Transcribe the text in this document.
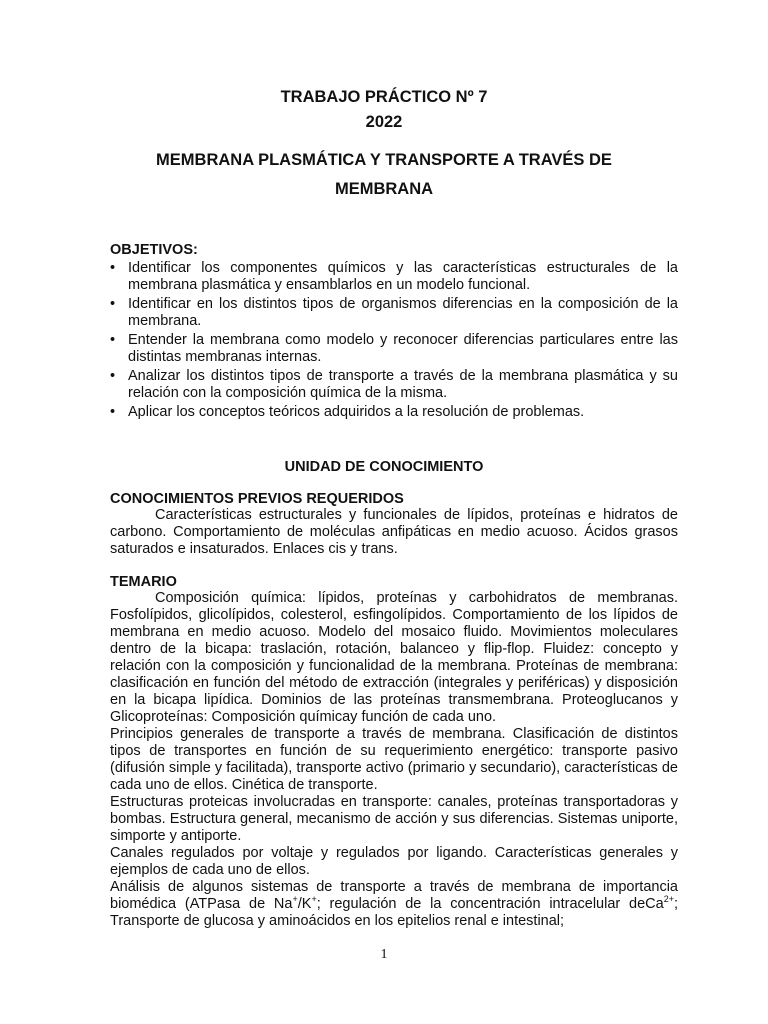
TRABAJO PRÁCTICO Nº 7
2022
MEMBRANA PLASMÁTICA Y TRANSPORTE A TRAVÉS DE
MEMBRANA
OBJETIVOS:
• Identificar los componentes químicos y las características estructurales de la membrana plasmática y ensamblarlos en un modelo funcional.
• Identificar en los distintos tipos de organismos diferencias en la composición de la membrana.
• Entender la membrana como modelo y reconocer diferencias particulares entre las distintas membranas internas.
• Analizar los distintos tipos de transporte a través de la membrana plasmática y su relación con la composición química de la misma.
• Aplicar los conceptos teóricos adquiridos a la resolución de problemas.
UNIDAD DE CONOCIMIENTO
CONOCIMIENTOS PREVIOS REQUERIDOS
Características estructurales y funcionales de lípidos, proteínas e hidratos de carbono. Comportamiento de moléculas anfipáticas en medio acuoso. Ácidos grasos saturados e insaturados. Enlaces cis y trans.
TEMARIO
Composición química: lípidos, proteínas y carbohidratos de membranas. Fosfolípidos, glicolípidos, colesterol, esfingolípidos. Comportamiento de los lípidos de membrana en medio acuoso. Modelo del mosaico fluido. Movimientos moleculares dentro de la bicapa: traslación, rotación, balanceo y flip-flop. Fluidez: concepto y relación con la composición y funcionalidad de la membrana. Proteínas de membrana: clasificación en función del método de extracción (integrales y periféricas) y disposición en la bicapa lipídica. Dominios de las proteínas transmembrana. Proteoglucanos y Glicoproteínas: Composición químicay función de cada uno.
Principios generales de transporte a través de membrana. Clasificación de distintos tipos de transportes en función de su requerimiento energético: transporte pasivo (difusión simple y facilitada), transporte activo (primario y secundario), características de cada uno de ellos. Cinética de transporte.
Estructuras proteicas involucradas en transporte: canales, proteínas transportadoras y bombas. Estructura general, mecanismo de acción y sus diferencias. Sistemas uniporte, simporte y antiporte.
Canales regulados por voltaje y regulados por ligando. Características generales y ejemplos de cada uno de ellos.
Análisis de algunos sistemas de transporte a través de membrana de importancia biomédica (ATPasa de Na+/K+; regulación de la concentración intracelular deCa$^{2+}$; Transporte de glucosa y aminoácidos en los epitelios renal e intestinal;
1
